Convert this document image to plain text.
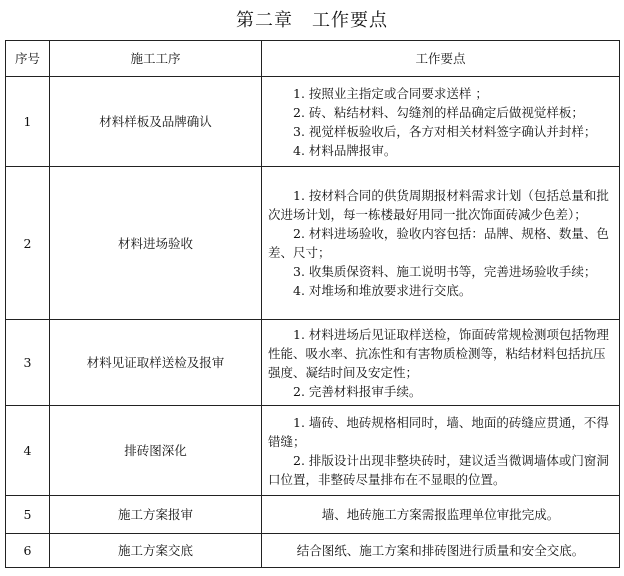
第二章　工作要点
序号	施工工序	工作要点
1	材料样板及品牌确认	1. 按照业主指定或合同要求送样 ；

2. 砖、粘结材料、勾缝剂的样品确定后做视觉样板；

3. 视觉样板验收后，各方对相关材料签字确认并封样；

4. 材料品牌报审。

2	材料进场验收	1. 按材料合同的供货周期报材料需求计划（包括总量和批次进场计划，每一栋楼最好用同一批次饰面砖减少色差）；

2. 材料进场验收，验收内容包括：品牌、规格、数量、色差、尺寸；

3. 收集质保资料、施工说明书等，完善进场验收手续；

4. 对堆场和堆放要求进行交底。

3	材料见证取样送检及报审	1. 材料进场后见证取样送检，饰面砖常规检测项包括物理性能、吸水率、抗冻性和有害物质检测等，粘结材料包括抗压强度、凝结时间及安定性；

2. 完善材料报审手续。

4	排砖图深化	1. 墙砖、地砖规格相同时，墙、地面的砖缝应贯通，不得错缝；

2. 排版设计出现非整块砖时，建议适当微调墙体或门窗洞口位置，非整砖尽量排布在不显眼的位置。

5	施工方案报审	墙、地砖施工方案需报监理单位审批完成。

6	施工方案交底	结合图纸、施工方案和排砖图进行质量和安全交底。
